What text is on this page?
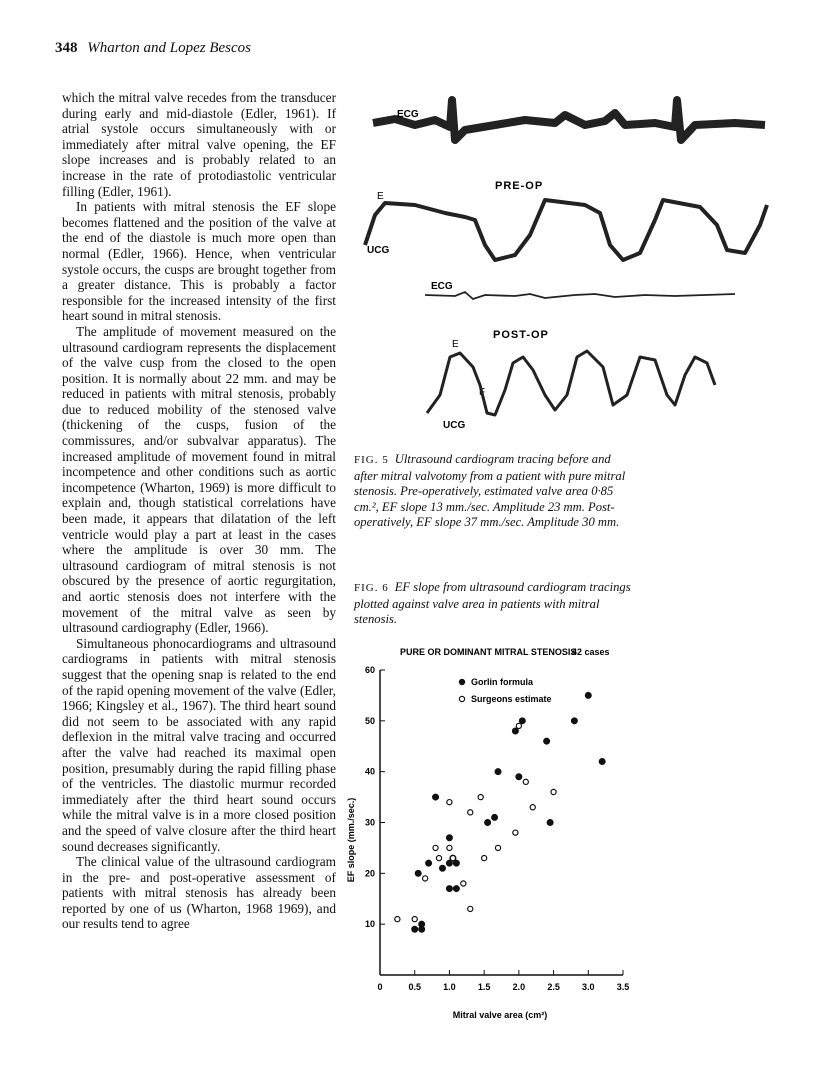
348 Wharton and Lopez Bescos

which the mitral valve recedes from the transducer during early and mid-diastole (Edler, 1961). If atrial systole occurs simultaneously with or immediately after mitral valve opening, the EF slope increases and is probably related to an increase in the rate of protodiastolic ventricular filling (Edler, 1961).

In patients with mitral stenosis the EF slope becomes flattened and the position of the valve at the end of the diastole is much more open than normal (Edler, 1966). Hence, when ventricular systole occurs, the cusps are brought together from a greater distance. This is probably a factor responsible for the increased intensity of the first heart sound in mitral stenosis.

The amplitude of movement measured on the ultrasound cardiogram represents the displacement of the valve cusp from the closed to the open position. It is normally about 22 mm. and may be reduced in patients with mitral stenosis, probably due to reduced mobility of the stenosed valve (thickening of the cusps, fusion of the commissures, and/or subvalvar apparatus). The increased amplitude of movement found in mitral incompetence and other conditions such as aortic incompetence (Wharton, 1969) is more difficult to explain and, though statistical correlations have been made, it appears that dilatation of the left ventricle would play a part at least in the cases where the amplitude is over 30 mm. The ultrasound cardiogram of mitral stenosis is not obscured by the presence of aortic regurgitation, and aortic stenosis does not interfere with the movement of the mitral valve as seen by ultrasound cardiography (Edler, 1966).

Simultaneous phonocardiograms and ultrasound cardiograms in patients with mitral stenosis suggest that the opening snap is related to the end of the rapid opening movement of the valve (Edler, 1966; Kingsley et al., 1967). The third heart sound did not seem to be associated with any rapid deflexion in the mitral valve tracing and occurred after the valve had reached its maximal open position, presumably during the rapid filling phase of the ventricles. The diastolic murmur recorded immediately after the third heart sound occurs while the mitral valve is in a more closed position and the speed of valve closure after the third heart sound decreases significantly.

The clinical value of the ultrasound cardiogram in the pre- and post-operative assessment of patients with mitral stenosis has already been reported by one of us (Wharton, 1968 1969), and our results tend to agree

ECG
PRE-OP
E
UCG
ECG
POST-OP
E
F
UCG
FIG. 5 Ultrasound cardiogram tracing before and after mitral valvotomy from a patient with pure mitral stenosis. Pre-operatively, estimated valve area 0·85 cm.², EF slope 13 mm./sec. Amplitude 23 mm. Post-operatively, EF slope 37 mm./sec. Amplitude 30 mm.
FIG. 6 EF slope from ultrasound cardiogram tracings plotted against valve area in patients with mitral stenosis.
PURE OR DOMINANT MITRAL STENOSIS
42 cases
0	0.5 1.0 1.5 2.0 2.5 3.0 3.5
10
20
30
40
50
60
Gorlin formula
Surgeons estimate
Mitral valve area (cm²)
EF slope (mm./sec.)
